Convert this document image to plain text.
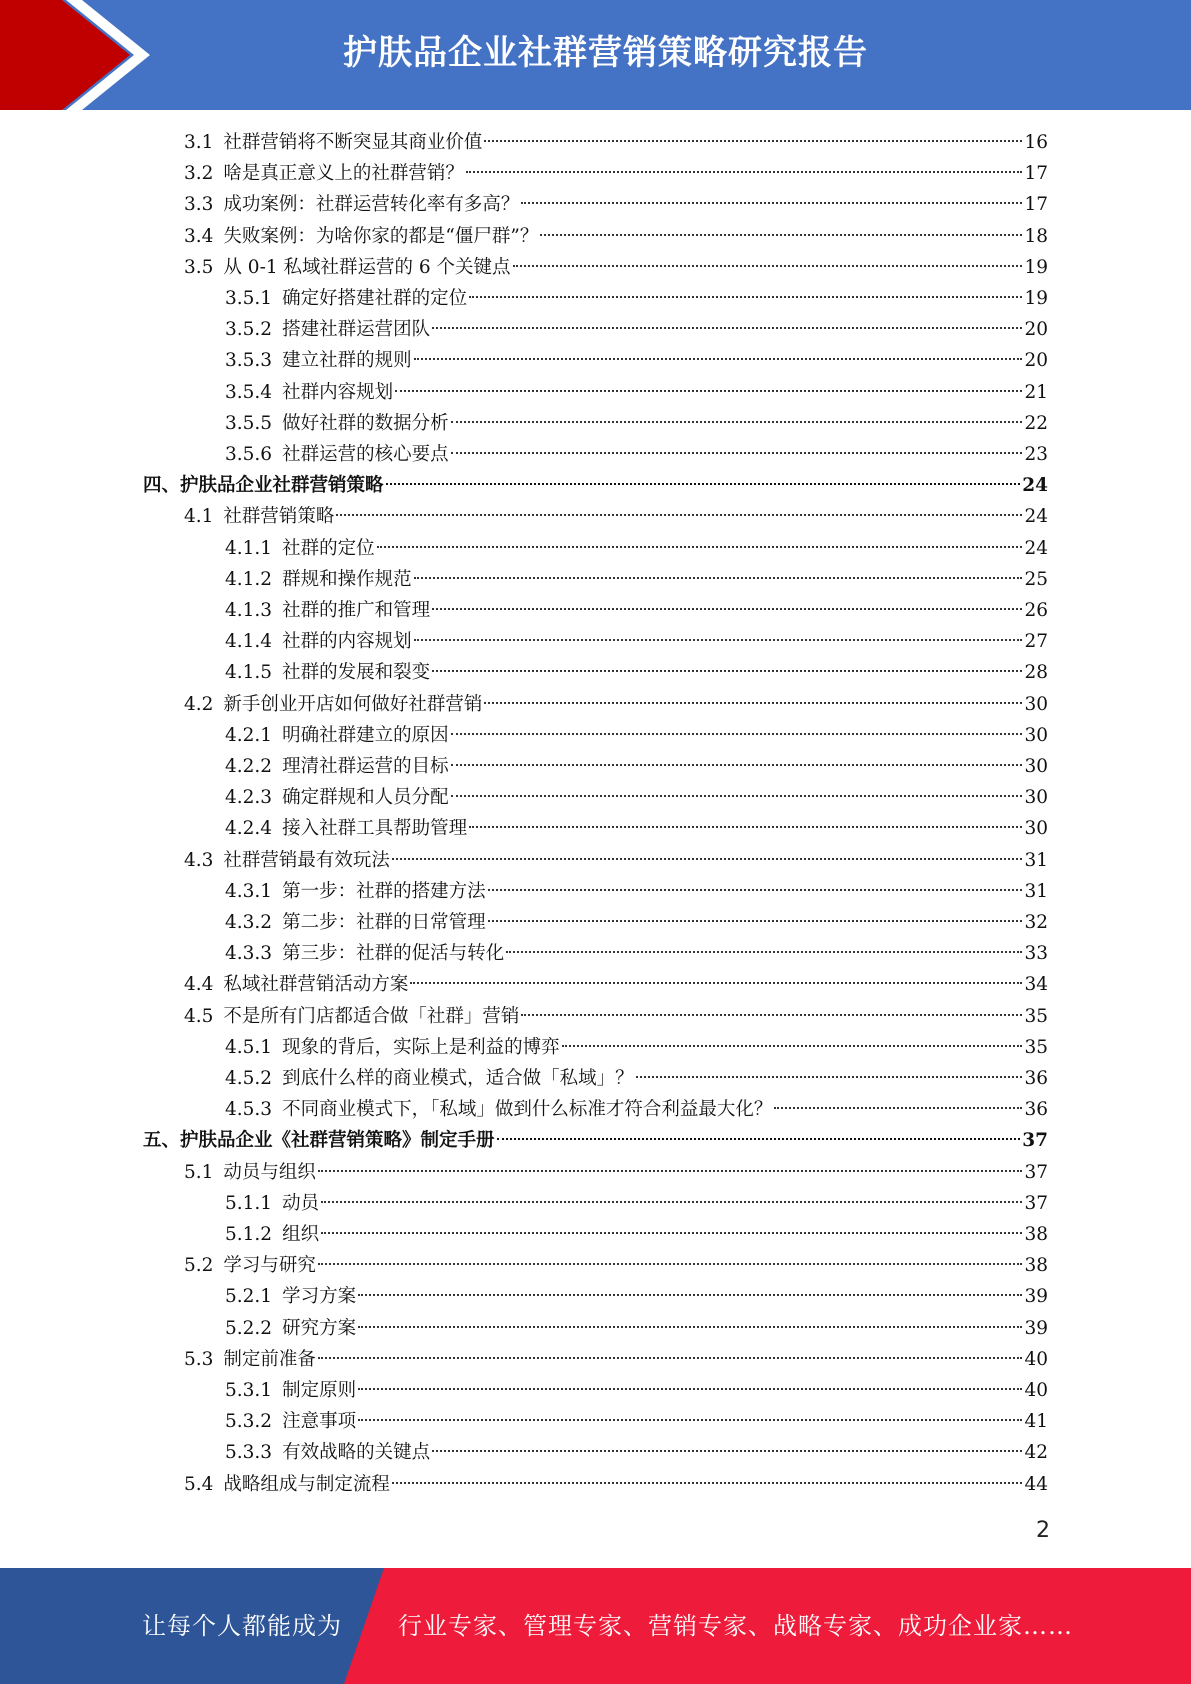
护肤品企业社群营销策略研究报告
3.1 社群营销将不断突显其商业价值	16
3.2 啥是真正意义上的社群营销？	17
3.3 成功案例：社群运营转化率有多高？	17
3.4 失败案例：为啥你家的都是“僵尸群”？	18
3.5 从 0-1 私域社群运营的 6 个关键点	19
3.5.1 确定好搭建社群的定位	19
3.5.2 搭建社群运营团队	20
3.5.3 建立社群的规则	20
3.5.4 社群内容规划	21
3.5.5 做好社群的数据分析	22
3.5.6 社群运营的核心要点	23
四、护肤品企业社群营销策略	24
4.1 社群营销策略	24
4.1.1 社群的定位	24
4.1.2 群规和操作规范	25
4.1.3 社群的推广和管理	26
4.1.4 社群的内容规划	27
4.1.5 社群的发展和裂变	28
4.2 新手创业开店如何做好社群营销	30
4.2.1 明确社群建立的原因	30
4.2.2 理清社群运营的目标	30
4.2.3 确定群规和人员分配	30
4.2.4 接入社群工具帮助管理	30
4.3 社群营销最有效玩法	31
4.3.1 第一步：社群的搭建方法	31
4.3.2 第二步：社群的日常管理	32
4.3.3 第三步：社群的促活与转化	33
4.4 私域社群营销活动方案	34
4.5 不是所有门店都适合做「社群」营销	35
4.5.1 现象的背后，实际上是利益的博弈	35
4.5.2 到底什么样的商业模式，适合做「私域」？	36
4.5.3 不同商业模式下，「私域」做到什么标准才符合利益最大化？	36
五、护肤品企业《社群营销策略》制定手册	37
5.1 动员与组织	37
5.1.1 动员	37
5.1.2 组织	38
5.2 学习与研究	38
5.2.1 学习方案	39
5.2.2 研究方案	39
5.3 制定前准备	40
5.3.1 制定原则	40
5.3.2 注意事项	41
5.3.3 有效战略的关键点	42
5.4 战略组成与制定流程	44
2
让每个人都能成为 行业专家、管理专家、营销专家、战略专家、成功企业家……
